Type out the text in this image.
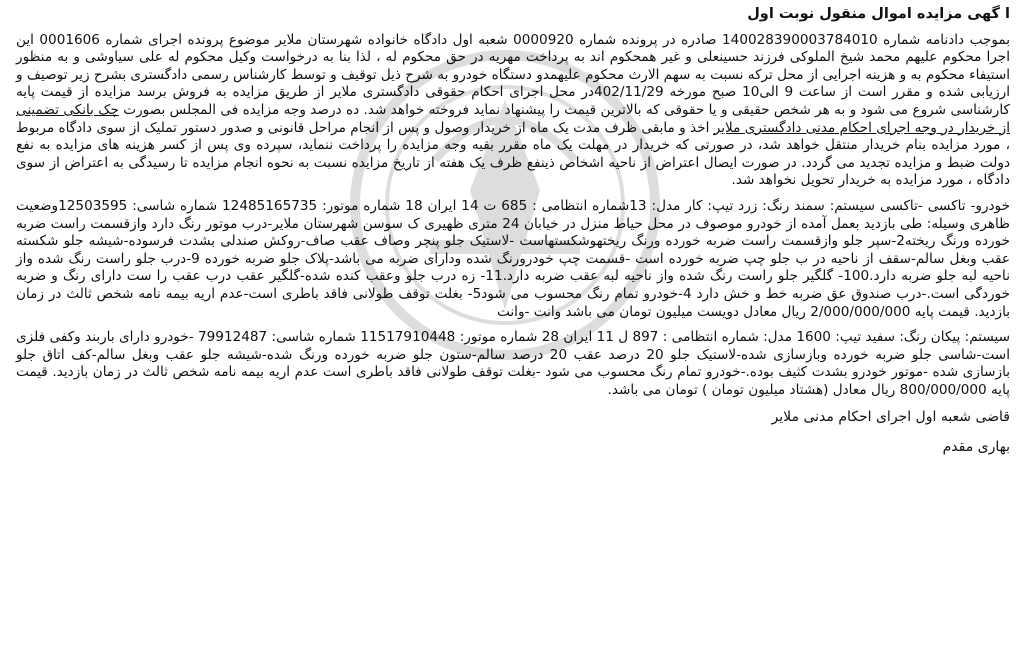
ا گهی مزایده اموال منقول نوبت اول

بموجب دادنامه شماره 140028390003784010 صادره در پرونده شماره 0000920 شعبه اول دادگاه خانواده شهرستان ملایر موضوع پرونده اجرای شماره 0001606 این اجرا محکوم علیهم محمد شیخ الملوکی فرزند حسینعلی و غیر همحکوم اند به پرداخت مهریه در حق محکوم له ، لذا بنا به درخواست وکیل محکوم له علی سیاوشی و به منظور استیفاء محکوم به و هزینه اجرایی از محل ترکه نسبت به سهم الارث محکوم علیهمدو دستگاه خودرو به شرح ذیل توقیف و توسط کارشناس رسمی دادگستری بشرح زیر توصیف و ارزیابی شده و مقرر است از ساعت 9 الی10 صبح مورخه 402/11/29در محل اجرای احکام حقوقی دادگستری ملایر از طریق مزایده به فروش برسد مزایده از قیمت پایه کارشناسی شروع می شود و به هر شخص حقیقی و یا حقوقی که بالاترین قیمت را پیشنهاد نماید فروخته خواهد شد. ده درصد وجه مزایده فی المجلس بصورت چک بانکی تضمینی از خریدار در وجه اجرای احکام مدنی دادگستری ملایر اخذ و مابقی ظرف مدت یک ماه از خریدار وصول و پس از انجام مراحل قانونی و صدور دستور تملیک از سوی دادگاه مربوط ، مورد مزایده بنام خریدار منتقل خواهد شد، در صورتی که خریدار در مهلت یک ماه مقرر بقیه وجه مزایده را پرداخت ننماید، سپرده وی پس از کسر هزینه های مزایده به نفع دولت ضبط و مزایده تجدید می گردد. در صورت ایصال اعتراض از ناحیه اشخاص ذینفع ظرف یک هفته از تاریخ مزایده نسبت به نحوه انجام مزایده تا رسیدگی به اعتراض از سوی دادگاه ، مورد مزایده به خریدار تحویل نخواهد شد.

خودرو- تاکسی -تاکسی سیستم: سمند رنگ: زرد تیپ: کار مدل: 13شماره انتظامی : 685 ت 14 ایران 18 شماره موتور: 12485165735 شماره شاسی: 12503595وضعیت ظاهری وسیله: طی بازدید بعمل آمده از خودرو موصوف در محل حیاط منزل در خیابان 24 متری ظهیری ک سوسن شهرستان ملایر-درب موتور رنگ دارد وازقسمت راست ضربه خورده ورنگ ریخته2-سپر جلو وازقسمت راست ضربه خورده ورنگ ریختهوشکستهاست -لاستیک جلو پنچر وصاف عقب صاف-روکش صندلی بشدت فرسوده-شیشه جلو شکسته عقب وبغل سالم-سقف از ناحیه در ب جلو چپ ضربه خورده است -قسمت چپ خودرورنگ شده ودارای ضربه می باشد-پلاک جلو ضربه خورده 9-درب جلو راست رنگ شده واز ناحیه لبه جلو ضربه دارد.100- گلگیر جلو راست رنگ شده واز ناحیه لبه عقب ضربه دارد.11- زه درب جلو وعقب کنده شده-گلگیر عقب درب عقب را ست دارای رنگ و ضربه خوردگی است.-درب صندوق عق ضربه خط و خش دارد 4-خودرو تمام رنگ محسوب می شود5- بغلت توقف طولانی فاقد باطری است-عدم اریه بیمه نامه شخص ثالث در زمان بازدید. قیمت پایه 2/000/000/000 ریال معادل دویست میلیون تومان می باشد وانت -وانت

سیستم: پیکان رنگ: سفید تیپ: 1600 مدل: شماره انتظامی : 897 ل 11 ایران 28 شماره موتور: 11517910448 شماره شاسی: 79912487 -خودرو دارای باربند وکفی فلزی است-شاسی جلو ضربه خورده وبازسازی شده-لاستیک جلو 20 درصد عقب 20 درصد سالم-ستون جلو ضربه خورده ورنگ شده-شیشه جلو عقب وبغل سالم-کف اتاق جلو بازسازی شده -موتور خودرو بشدت کثیف بوده.-خودرو تمام رنگ محسوب می شود -بغلت توقف طولانی فاقد باطری است عدم اریه بیمه نامه شخص ثالث در زمان بازدید. قیمت پایه 800/000/000 ریال معادل (هشتاد میلیون تومان ) تومان می باشد.

قاضی شعبه اول اجرای احکام مدنی ملایر
بهاری مقدم
